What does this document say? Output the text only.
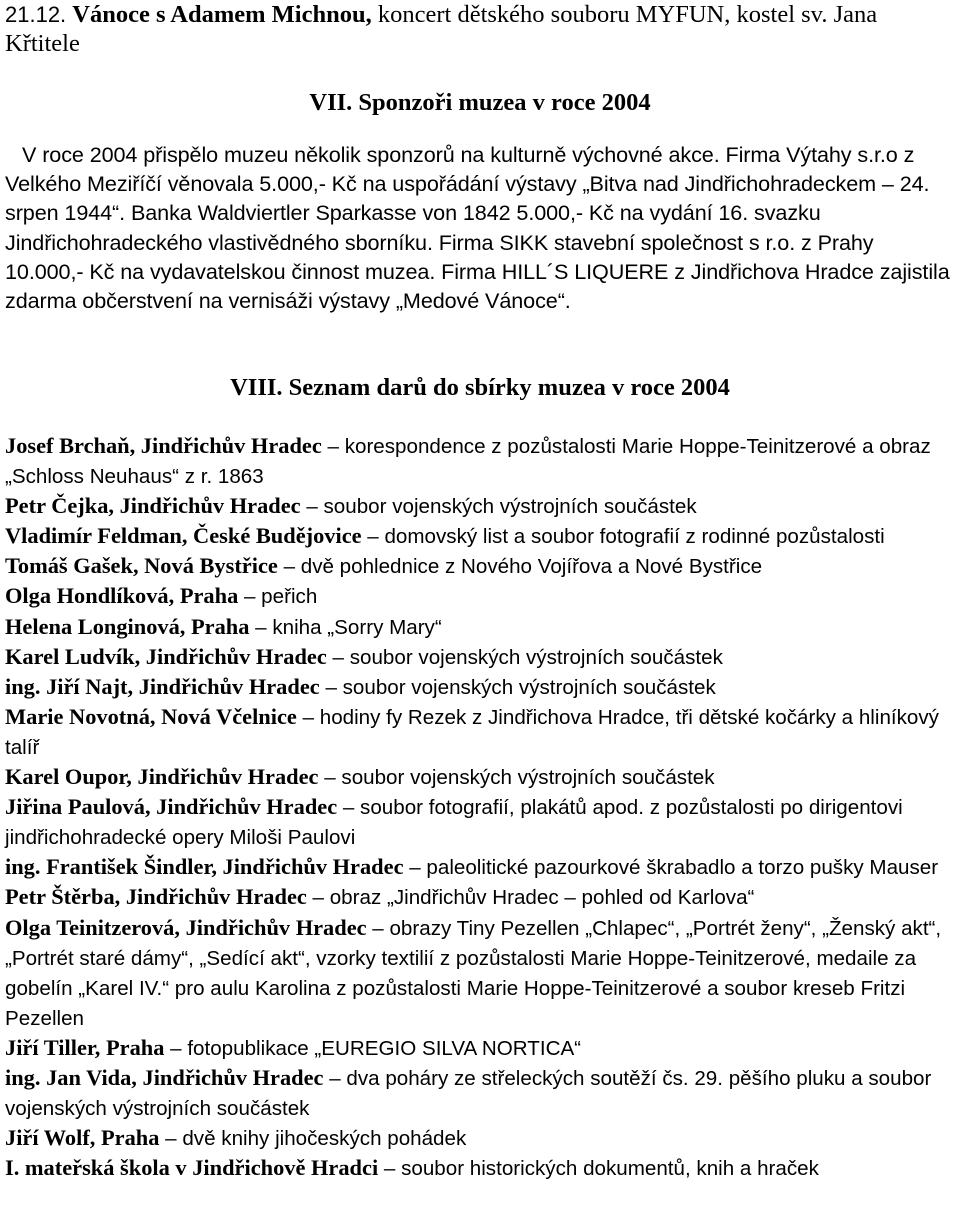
21.12. Vánoce s Adamem Michnou, koncert dětského souboru MYFUN, kostel sv. Jana Křtitele

VII. Sponzoři muzea v roce 2004

V roce 2004 přispělo muzeu několik sponzorů na kulturně výchovné akce. Firma Výtahy s.r.o z Velkého Meziříčí věnovala 5.000,- Kč na uspořádání výstavy „Bitva nad Jindřichohradeckem – 24. srpen 1944“. Banka Waldviertler Sparkasse von 1842 5.000,- Kč na vydání 16. svazku Jindřichohradeckého vlastivědného sborníku. Firma SIKK stavební společnost s r.o. z Prahy 10.000,- Kč na vydavatelskou činnost muzea. Firma HILL´S LIQUERE z Jindřichova Hradce zajistila zdarma občerstvení na vernisáži výstavy „Medové Vánoce“.

VIII. Seznam darů do sbírky muzea v roce 2004
Josef Brchaň, Jindřichův Hradec – korespondence z pozůstalosti Marie Hoppe-Teinitzerové a obraz „Schloss Neuhaus“ z r. 1863
Petr Čejka, Jindřichův Hradec – soubor vojenských výstrojních součástek
Vladimír Feldman, České Budějovice – domovský list a soubor fotografií z rodinné pozůstalosti
Tomáš Gašek, Nová Bystřice – dvě pohlednice z Nového Vojířova a Nové Bystřice
Olga Hondlíková, Praha – peřich
Helena Longinová, Praha – kniha „Sorry Mary“
Karel Ludvík, Jindřichův Hradec – soubor vojenských výstrojních součástek
ing. Jiří Najt, Jindřichův Hradec – soubor vojenských výstrojních součástek
Marie Novotná, Nová Včelnice – hodiny fy Rezek z Jindřichova Hradce, tři dětské kočárky a hliníkový talíř
Karel Oupor, Jindřichův Hradec – soubor vojenských výstrojních součástek
Jiřina Paulová, Jindřichův Hradec – soubor fotografií, plakátů apod. z pozůstalosti po dirigentovi jindřichohradecké opery Miloši Paulovi
ing. František Šindler, Jindřichův Hradec – paleolitické pazourkové škrabadlo a torzo pušky Mauser
Petr Štěrba, Jindřichův Hradec – obraz „Jindřichův Hradec – pohled od Karlova“
Olga Teinitzerová, Jindřichův Hradec – obrazy Tiny Pezellen „Chlapec“, „Portrét ženy“, „Ženský akt“, „Portrét staré dámy“, „Sedící akt“, vzorky textilií z pozůstalosti Marie Hoppe-Teinitzerové, medaile za gobelín „Karel IV.“ pro aulu Karolina z pozůstalosti Marie Hoppe-Teinitzerové a soubor kreseb Fritzi Pezellen
Jiří Tiller, Praha – fotopublikace „EUREGIO SILVA NORTICA“
ing. Jan Vida, Jindřichův Hradec – dva poháry ze střeleckých soutěží čs. 29. pěšího pluku a soubor vojenských výstrojních součástek
Jiří Wolf, Praha – dvě knihy jihočeských pohádek
I. mateřská škola v Jindřichově Hradci – soubor historických dokumentů, knih a hraček
